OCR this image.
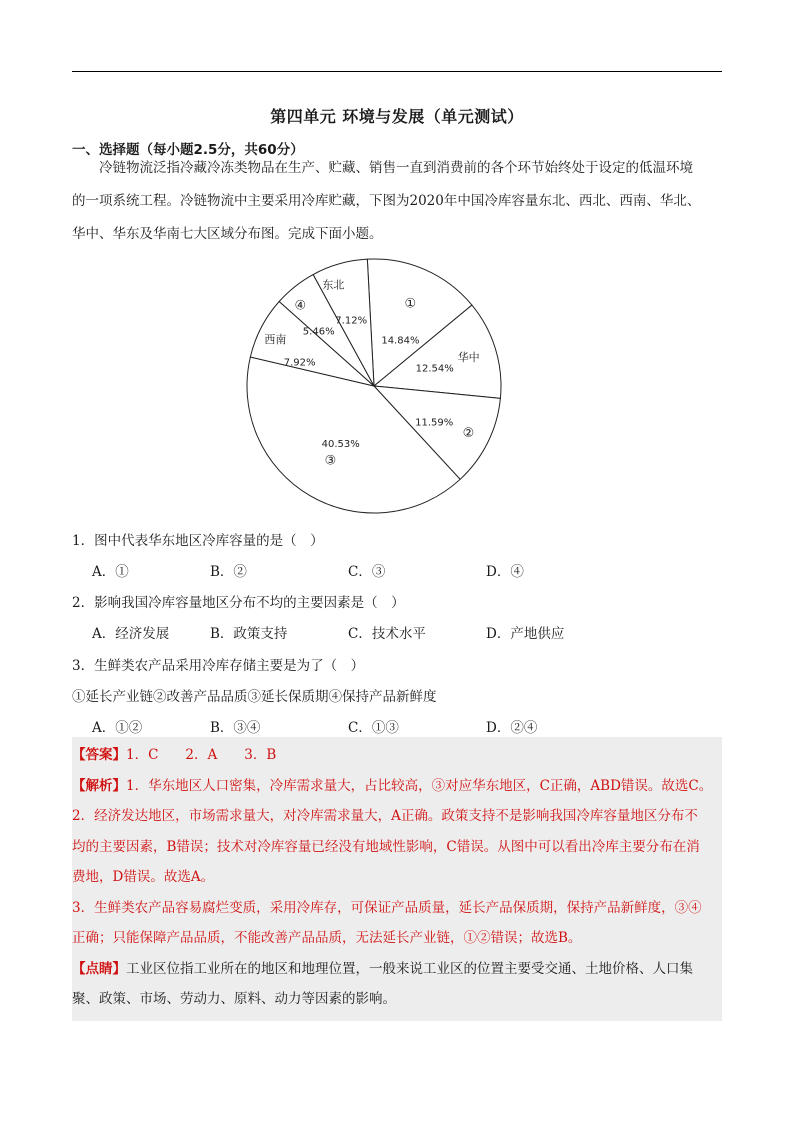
第四单元 环境与发展（单元测试）
一、选择题（每小题2.5分，共60分）

冷链物流泛指冷藏冷冻类物品在生产、贮藏、销售一直到消费前的各个环节始终处于设定的低温环境

的一项系统工程。冷链物流中主要采用冷库贮藏，下图为2020年中国冷库容量东北、西北、西南、华北、

华中、华东及华南七大区域分布图。完成下面小题。

①
14.84%
华中
12.54%
②
11.59%
③
40.53%
西南
7.92%
④
5.46%
东北
7.12%
1．图中代表华东地区冷库容量的是（　）
A．①	B．②	C．③	D．④
2．影响我国冷库容量地区分布不均的主要因素是（　）
A．经济发展	B．政策支持	C．技术水平	D．产地供应
3．生鲜类农产品采用冷库存储主要是为了（　）
①延长产业链②改善产品品质③延长保质期④保持产品新鲜度
A．①②	B．③④	C．①③	D．②④
【答案】1．C　　2．A　　3．B
【解析】1．华东地区人口密集，冷库需求量大，占比较高，③对应华东地区，C正确，ABD错误。故选C。
2．经济发达地区，市场需求量大，对冷库需求量大，A正确。政策支持不是影响我国冷库容量地区分布不
均的主要因素，B错误；技术对冷库容量已经没有地域性影响，C错误。从图中可以看出冷库主要分布在消
费地，D错误。故选A。
3．生鲜类农产品容易腐烂变质，采用冷库存，可保证产品质量，延长产品保质期，保持产品新鲜度，③④
正确；只能保障产品品质，不能改善产品品质，无法延长产业链，①②错误；故选B。
【点睛】工业区位指工业所在的地区和地理位置，一般来说工业区的位置主要受交通、土地价格、人口集
聚、政策、市场、劳动力、原料、动力等因素的影响。
